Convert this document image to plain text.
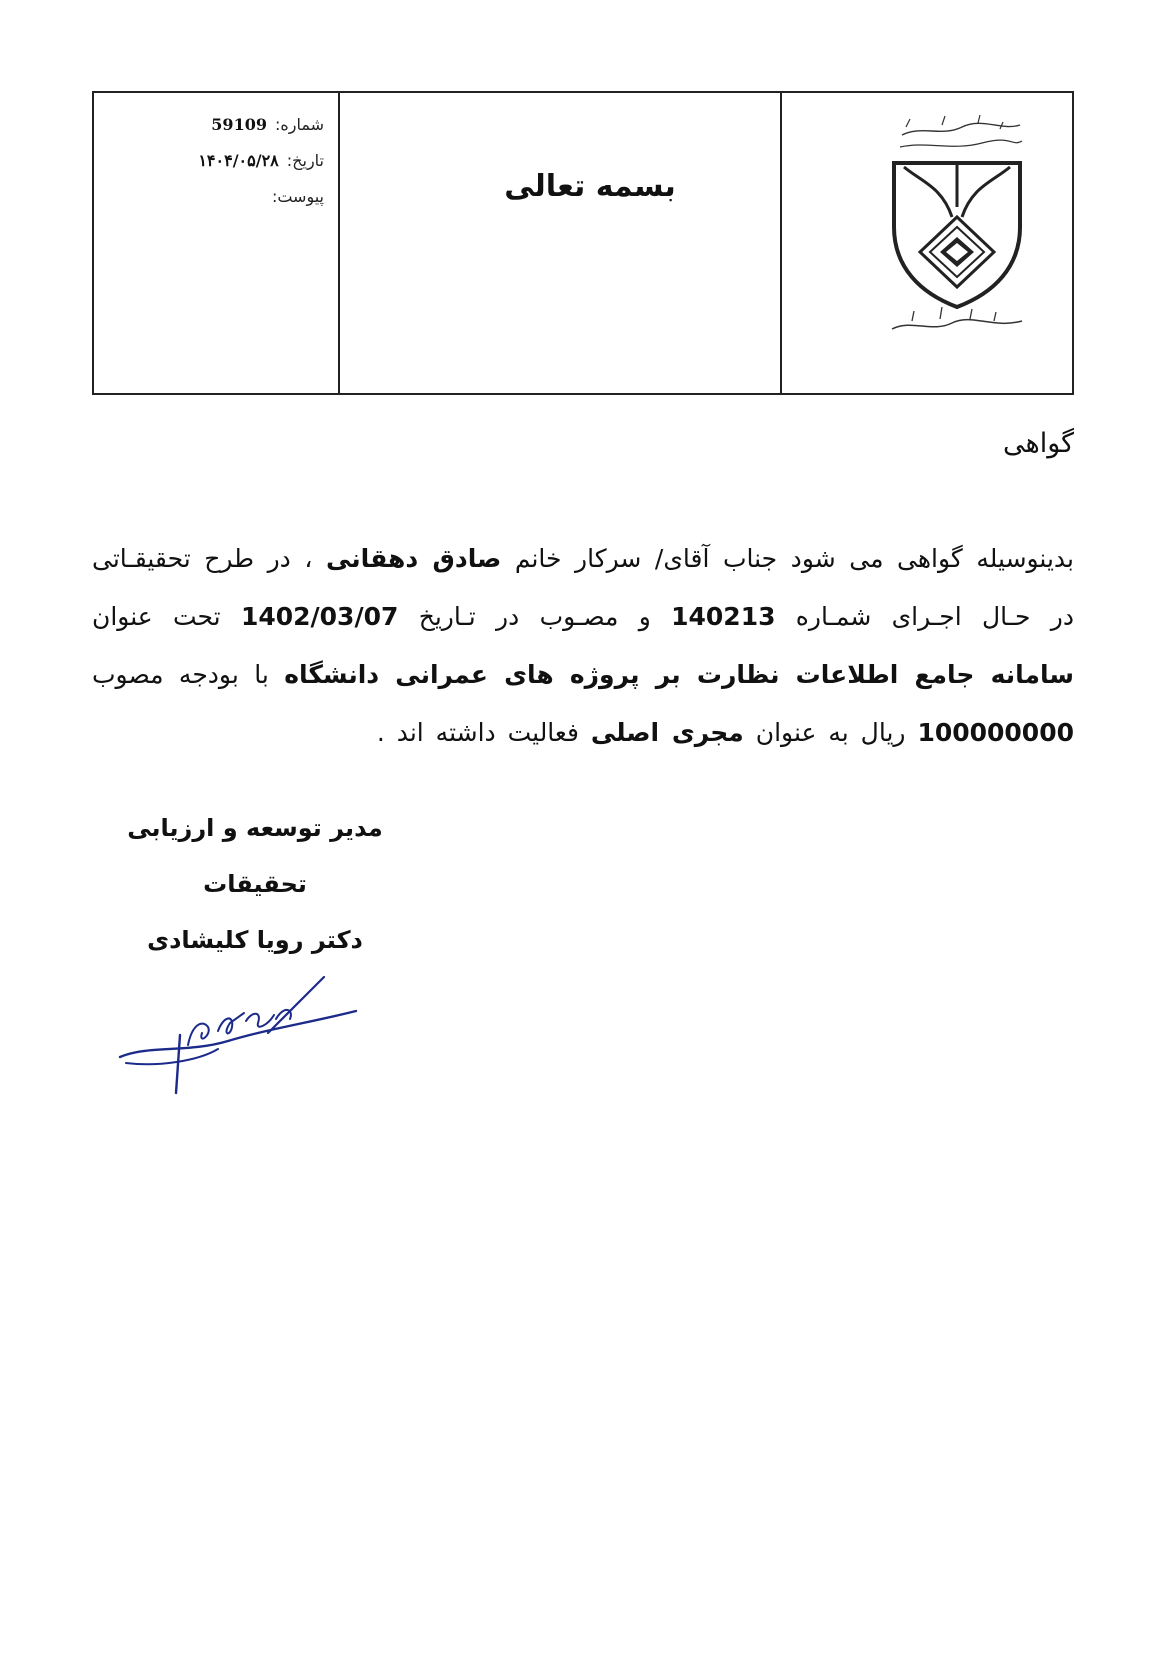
شماره:
59109
تاریخ:
۱۴۰۴/۰۵/۲۸
پیوست:	بسمه تعالی
گواهی
بدینوسیله گواهی می شود جناب آقای/ سرکار خانم صادق دهقانی ، در طرح تحقیقـاتی در حـال اجـرای شمـاره 140213 و مصـوب در تـاریخ 1402/03/07 تحت عنوان سامانه جامع اطلاعات نظارت بر پروژه های عمرانی دانشگاه با بودجه مصوب 100000000 ریال به عنوان مجری اصلی فعالیت داشته اند .
مدیر توسعه و ارزیابی
تحقیقات
دکتر رویا کلیشادی
